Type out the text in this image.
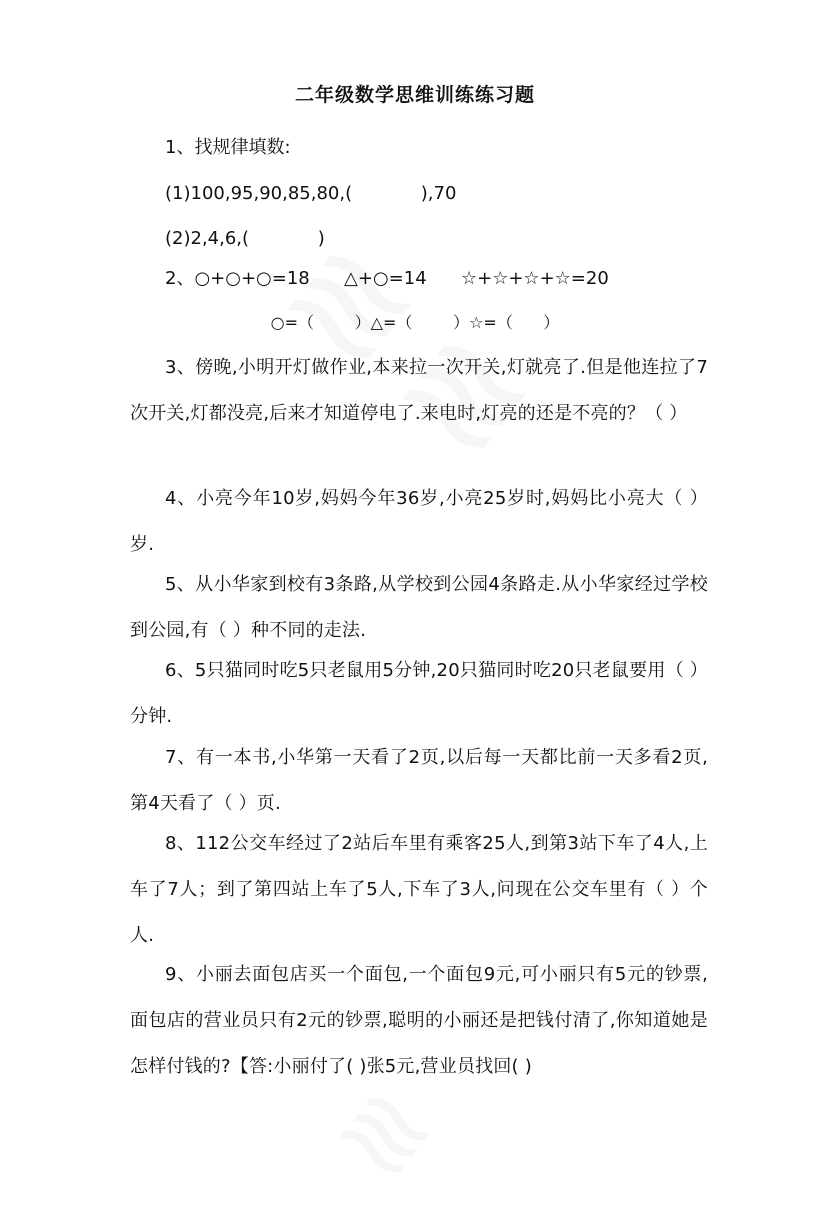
二年级数学思维训练练习题
1、找规律填数:
(1)100,95,90,85,80,(            ),70
(2)2,4,6,(            )
2、○+○+○=18      △+○=14      ☆+☆+☆+☆=20
○=（        ）△=（        ）☆=（      ）
3、傍晚,小明开灯做作业,本来拉一次开关,灯就亮了.但是他连拉了7次开关,灯都没亮,后来才知道停电了.来电时,灯亮的还是不亮的？（ ）
4、小亮今年10岁,妈妈今年36岁,小亮25岁时,妈妈比小亮大（ ）岁.
5、从小华家到校有3条路,从学校到公园4条路走.从小华家经过学校到公园,有（ ）种不同的走法.
6、5只猫同时吃5只老鼠用5分钟,20只猫同时吃20只老鼠要用（ ）分钟.
7、有一本书,小华第一天看了2页,以后每一天都比前一天多看2页,第4天看了（ ）页.
8、112公交车经过了2站后车里有乘客25人,到第3站下车了4人,上车了7人；到了第四站上车了5人,下车了3人,问现在公交车里有（ ）个人.
9、小丽去面包店买一个面包,一个面包9元,可小丽只有5元的钞票,面包店的营业员只有2元的钞票,聪明的小丽还是把钱付清了,你知道她是怎样付钱的?【答:小丽付了( )张5元,营业员找回( )
